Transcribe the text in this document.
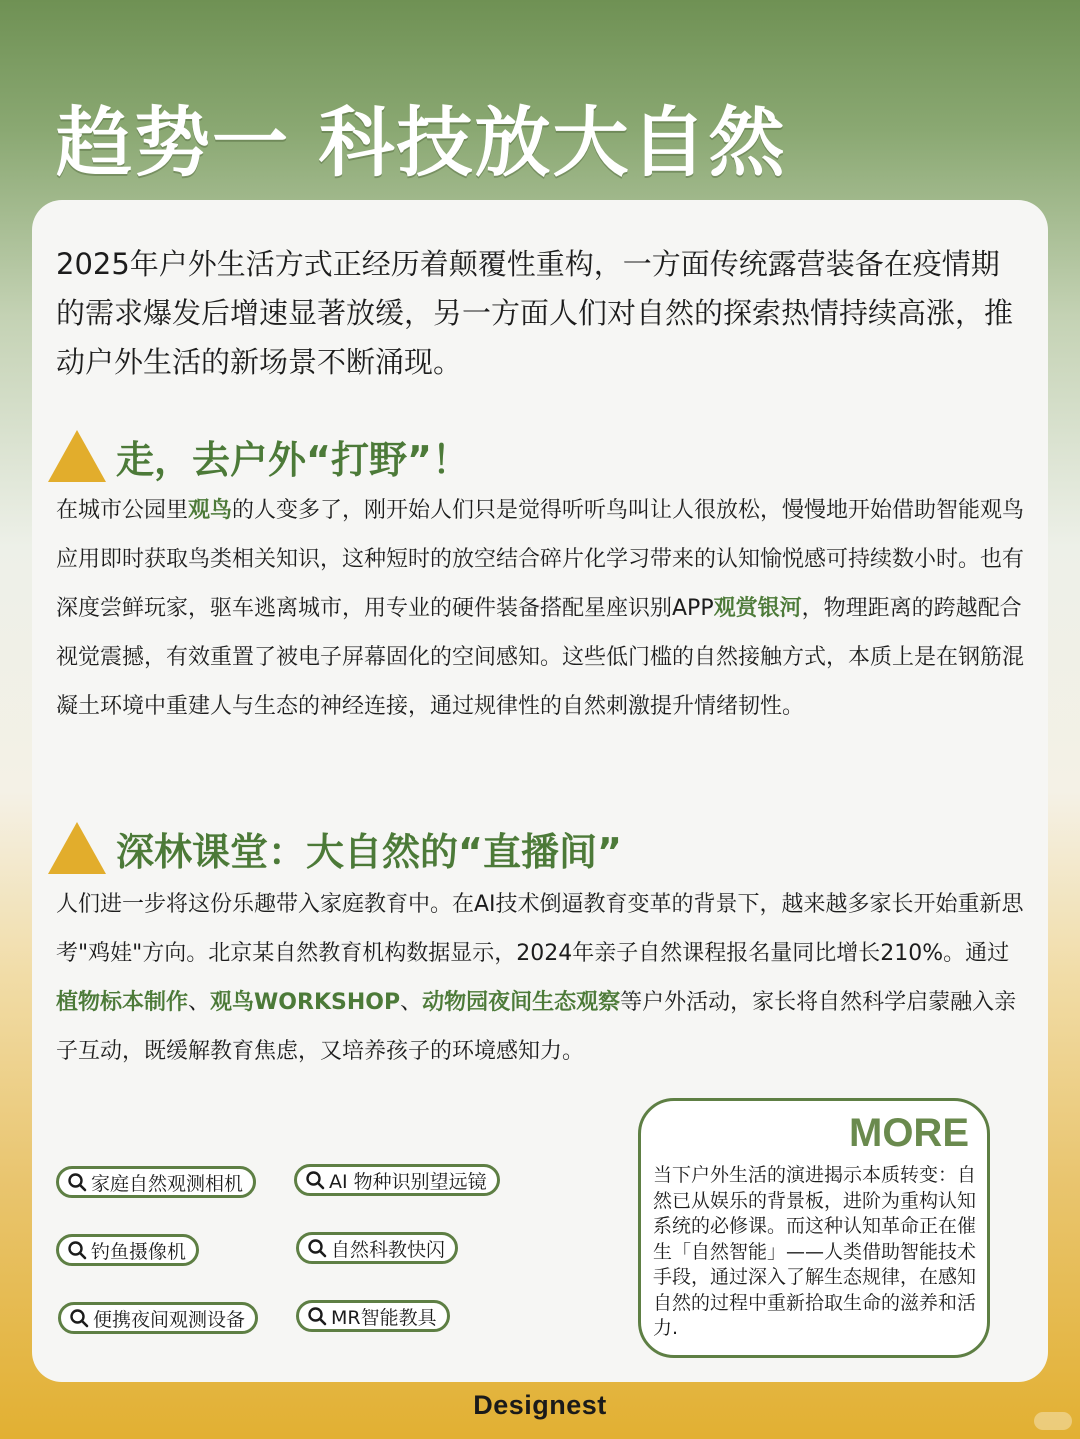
趋势一 科技放大自然
2025年户外生活方式正经历着颠覆性重构，一方面传统露营装备在疫情期的需求爆发后增速显著放缓，另一方面人们对自然的探索热情持续高涨，推动户外生活的新场景不断涌现。
走，去户外“打野”！
在城市公园里观鸟的人变多了，刚开始人们只是觉得听听鸟叫让人很放松，慢慢地开始借助智能观鸟应用即时获取鸟类相关知识，这种短时的放空结合碎片化学习带来的认知愉悦感可持续数小时。也有深度尝鲜玩家，驱车逃离城市，用专业的硬件装备搭配星座识别APP观赏银河，物理距离的跨越配合视觉震撼，有效重置了被电子屏幕固化的空间感知。这些低门槛的自然接触方式，本质上是在钢筋混凝土环境中重建人与生态的神经连接，通过规律性的自然刺激提升情绪韧性。
深林课堂：大自然的“直播间”
人们进一步将这份乐趣带入家庭教育中。在AI技术倒逼教育变革的背景下，越来越多家长开始重新思考"鸡娃"方向。北京某自然教育机构数据显示，2024年亲子自然课程报名量同比增长210%。通过植物标本制作、观鸟WORKSHOP、动物园夜间生态观察等户外活动，家长将自然科学启蒙融入亲子互动，既缓解教育焦虑，又培养孩子的环境感知力。
家庭自然观测相机	AI 物种识别望远镜
钓鱼摄像机	自然科教快闪
便携夜间观测设备	MR智能教具
MORE
当下户外生活的演进揭示本质转变：自然已从娱乐的背景板，进阶为重构认知系统的必修课。而这种认知革命正在催生「自然智能」——人类借助智能技术手段，通过深入了解生态规律，在感知自然的过程中重新拾取生命的滋养和活力.
Designest
